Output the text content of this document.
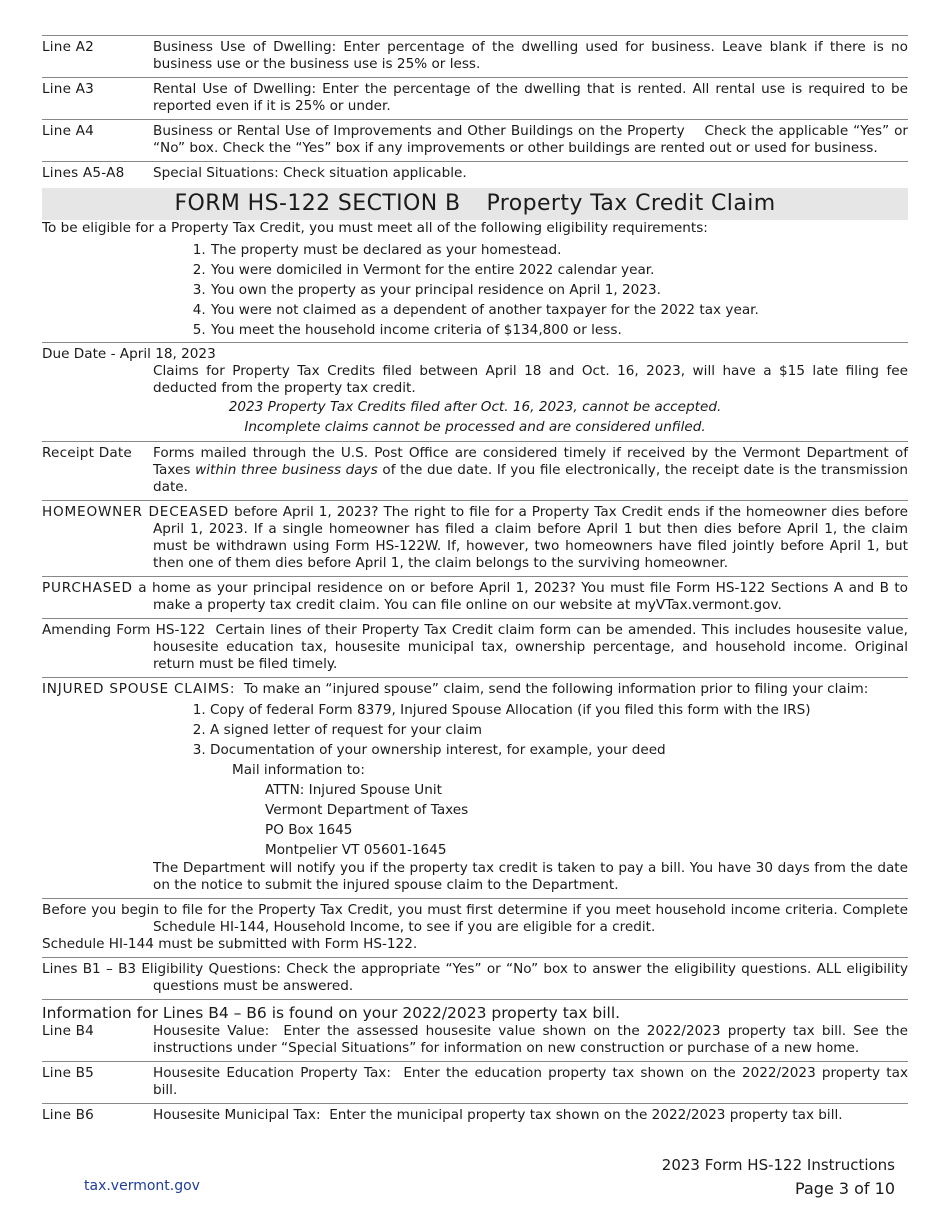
Line A2	Business Use of Dwelling: Enter percentage of the dwelling used for business. Leave blank if there is no business use or the business use is 25% or less.
Line A3	Rental Use of Dwelling: Enter the percentage of the dwelling that is rented. All rental use is required to be reported even if it is 25% or under.
Line A4	Business or Rental Use of Improvements and Other Buildings on the Property Check the applicable “Yes” or “No” box. Check the “Yes” box if any improvements or other buildings are rented out or used for business.
Lines A5-A8	Special Situations: Check situation applicable.
FORM HS-122 SECTION B Property Tax Credit Claim
To be eligible for a Property Tax Credit, you must meet all of the following eligibility requirements:
1. The property must be declared as your homestead.
2. You were domiciled in Vermont for the entire 2022 calendar year.
3. You own the property as your principal residence on April 1, 2023.
4. You were not claimed as a dependent of another taxpayer for the 2022 tax year.
5. You meet the household income criteria of $134,800 or less.
Due Date - April 18, 2023
Claims for Property Tax Credits filed between April 18 and Oct. 16, 2023, will have a $15 late filing fee deducted from the property tax credit.
2023 Property Tax Credits filed after Oct. 16, 2023, cannot be accepted.
Incomplete claims cannot be processed and are considered unfiled.
Receipt Date	Forms mailed through the U.S. Post Office are considered timely if received by the Vermont Department of Taxes within three business days of the due date. If you file electronically, the receipt date is the transmission date.
HOMEOWNER DECEASED before April 1, 2023? The right to file for a Property Tax Credit ends if the homeowner dies before April 1, 2023. If a single homeowner has filed a claim before April 1 but then dies before April 1, the claim must be withdrawn using Form HS-122W. If, however, two homeowners have filed jointly before April 1, but then one of them dies before April 1, the claim belongs to the surviving homeowner.
PURCHASED a home as your principal residence on or before April 1, 2023? You must file Form HS-122 Sections A and B to make a property tax credit claim. You can file online on our website at myVTax.vermont.gov.
Amending Form HS-122 Certain lines of their Property Tax Credit claim form can be amended. This includes housesite value, housesite education tax, housesite municipal tax, ownership percentage, and household income. Original return must be filed timely.
INJURED SPOUSE CLAIMS: To make an “injured spouse” claim, send the following information prior to filing your claim:
1. Copy of federal Form 8379, Injured Spouse Allocation (if you filed this form with the IRS)
2. A signed letter of request for your claim
3. Documentation of your ownership interest, for example, your deed
Mail information to:
ATTN: Injured Spouse Unit
Vermont Department of Taxes
PO Box 1645
Montpelier VT 05601-1645
The Department will notify you if the property tax credit is taken to pay a bill. You have 30 days from the date on the notice to submit the injured spouse claim to the Department.
Before you begin to file for the Property Tax Credit, you must first determine if you meet household income criteria. Complete Schedule HI-144, Household Income, to see if you are eligible for a credit.
Schedule HI-144 must be submitted with Form HS-122.
Lines B1 – B3 Eligibility Questions: Check the appropriate “Yes” or “No” box to answer the eligibility questions. ALL eligibility questions must be answered.
Information for Lines B4 – B6 is found on your 2022/2023 property tax bill.
Line B4	Housesite Value: Enter the assessed housesite value shown on the 2022/2023 property tax bill. See the instructions under “Special Situations” for information on new construction or purchase of a new home.
Line B5	Housesite Education Property Tax: Enter the education property tax shown on the 2022/2023 property tax bill.
Line B6	Housesite Municipal Tax: Enter the municipal property tax shown on the 2022/2023 property tax bill.
tax.vermont.gov
2023 Form HS-122 Instructions
Page 3 of 10
